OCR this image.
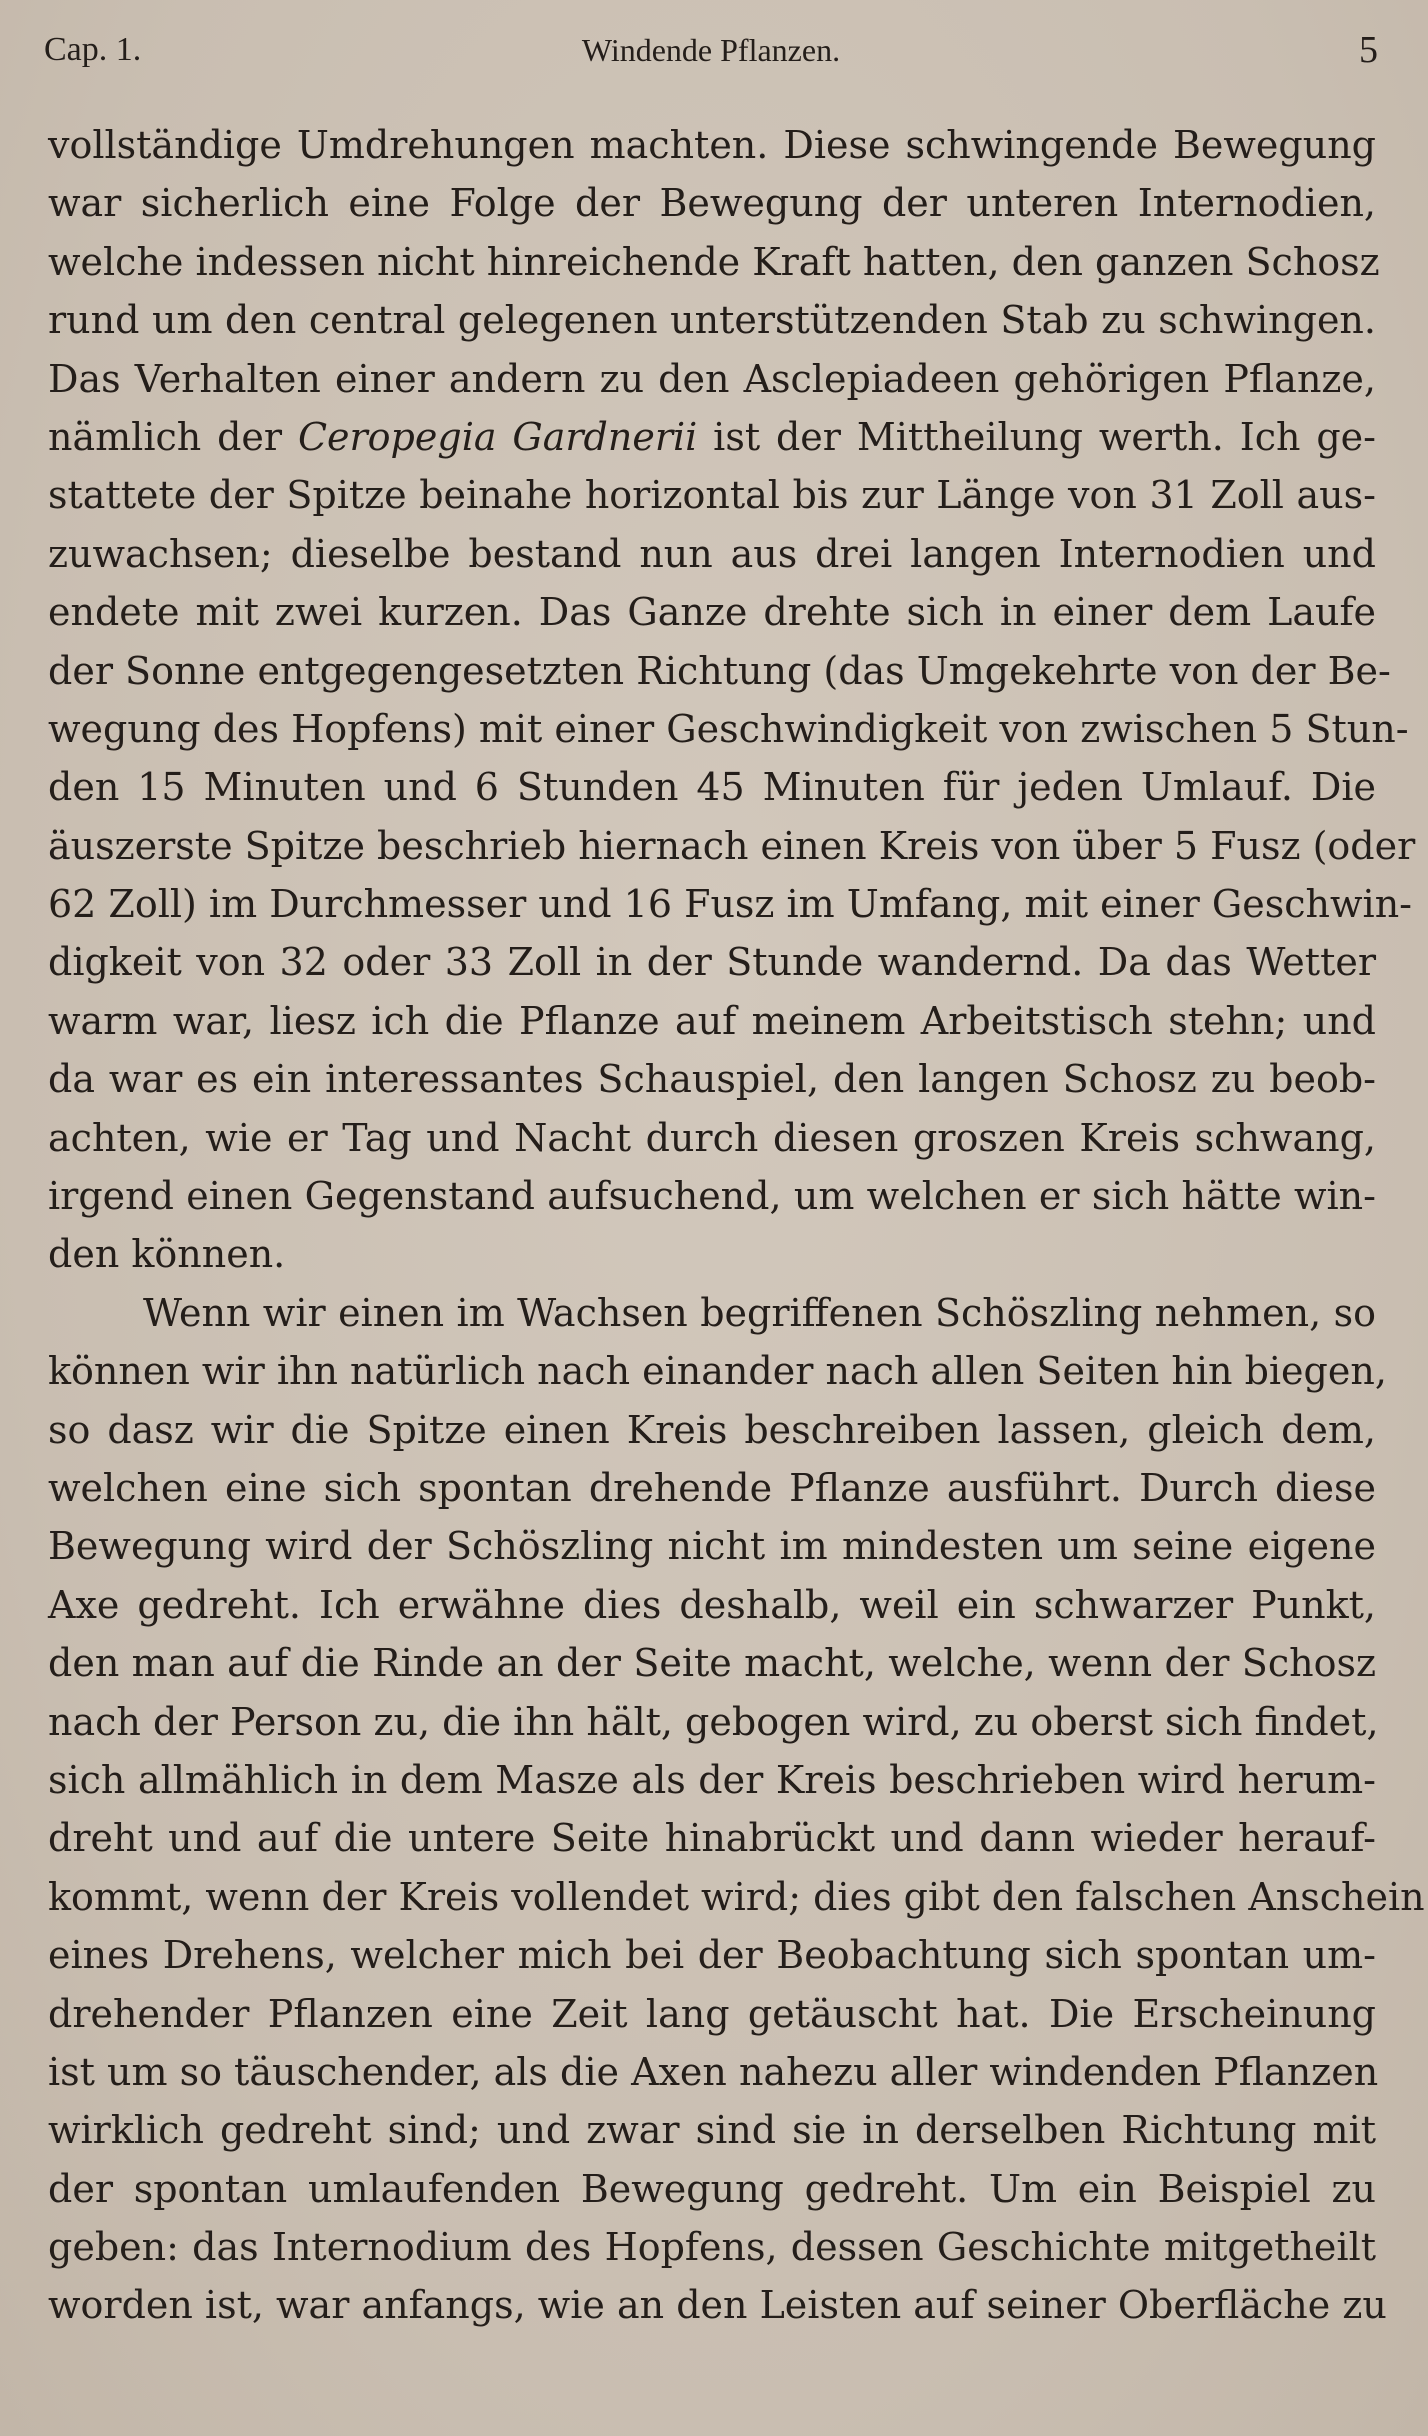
Cap. 1.	Windende Pflanzen.	5
vollständige Umdrehungen machten. Diese schwingende Bewegung
war sicherlich eine Folge der Bewegung der unteren Internodien,
welche indessen nicht hinreichende Kraft hatten, den ganzen Schosz
rund um den central gelegenen unterstützenden Stab zu schwingen.
Das Verhalten einer andern zu den Asclepiadeen gehörigen Pflanze,
nämlich der Ceropegia Gardnerii ist der Mittheilung werth. Ich ge-
stattete der Spitze beinahe horizontal bis zur Länge von 31 Zoll aus-
zuwachsen; dieselbe bestand nun aus drei langen Internodien und
endete mit zwei kurzen. Das Ganze drehte sich in einer dem Laufe
der Sonne entgegengesetzten Richtung (das Umgekehrte von der Be-
wegung des Hopfens) mit einer Geschwindigkeit von zwischen 5 Stun-
den 15 Minuten und 6 Stunden 45 Minuten für jeden Umlauf. Die
äuszerste Spitze beschrieb hiernach einen Kreis von über 5 Fusz (oder
62 Zoll) im Durchmesser und 16 Fusz im Umfang, mit einer Geschwin-
digkeit von 32 oder 33 Zoll in der Stunde wandernd. Da das Wetter
warm war, liesz ich die Pflanze auf meinem Arbeitstisch stehn; und
da war es ein interessantes Schauspiel, den langen Schosz zu beob-
achten, wie er Tag und Nacht durch diesen groszen Kreis schwang,
irgend einen Gegenstand aufsuchend, um welchen er sich hätte win-
den können.
Wenn wir einen im Wachsen begriffenen Schöszling nehmen, so
können wir ihn natürlich nach einander nach allen Seiten hin biegen,
so dasz wir die Spitze einen Kreis beschreiben lassen, gleich dem,
welchen eine sich spontan drehende Pflanze ausführt. Durch diese
Bewegung wird der Schöszling nicht im mindesten um seine eigene
Axe gedreht. Ich erwähne dies deshalb, weil ein schwarzer Punkt,
den man auf die Rinde an der Seite macht, welche, wenn der Schosz
nach der Person zu, die ihn hält, gebogen wird, zu oberst sich findet,
sich allmählich in dem Masze als der Kreis beschrieben wird herum-
dreht und auf die untere Seite hinabrückt und dann wieder herauf-
kommt, wenn der Kreis vollendet wird; dies gibt den falschen Anschein
eines Drehens, welcher mich bei der Beobachtung sich spontan um-
drehender Pflanzen eine Zeit lang getäuscht hat. Die Erscheinung
ist um so täuschender, als die Axen nahezu aller windenden Pflanzen
wirklich gedreht sind; und zwar sind sie in derselben Richtung mit
der spontan umlaufenden Bewegung gedreht. Um ein Beispiel zu
geben: das Internodium des Hopfens, dessen Geschichte mitgetheilt
worden ist, war anfangs, wie an den Leisten auf seiner Oberfläche zu
